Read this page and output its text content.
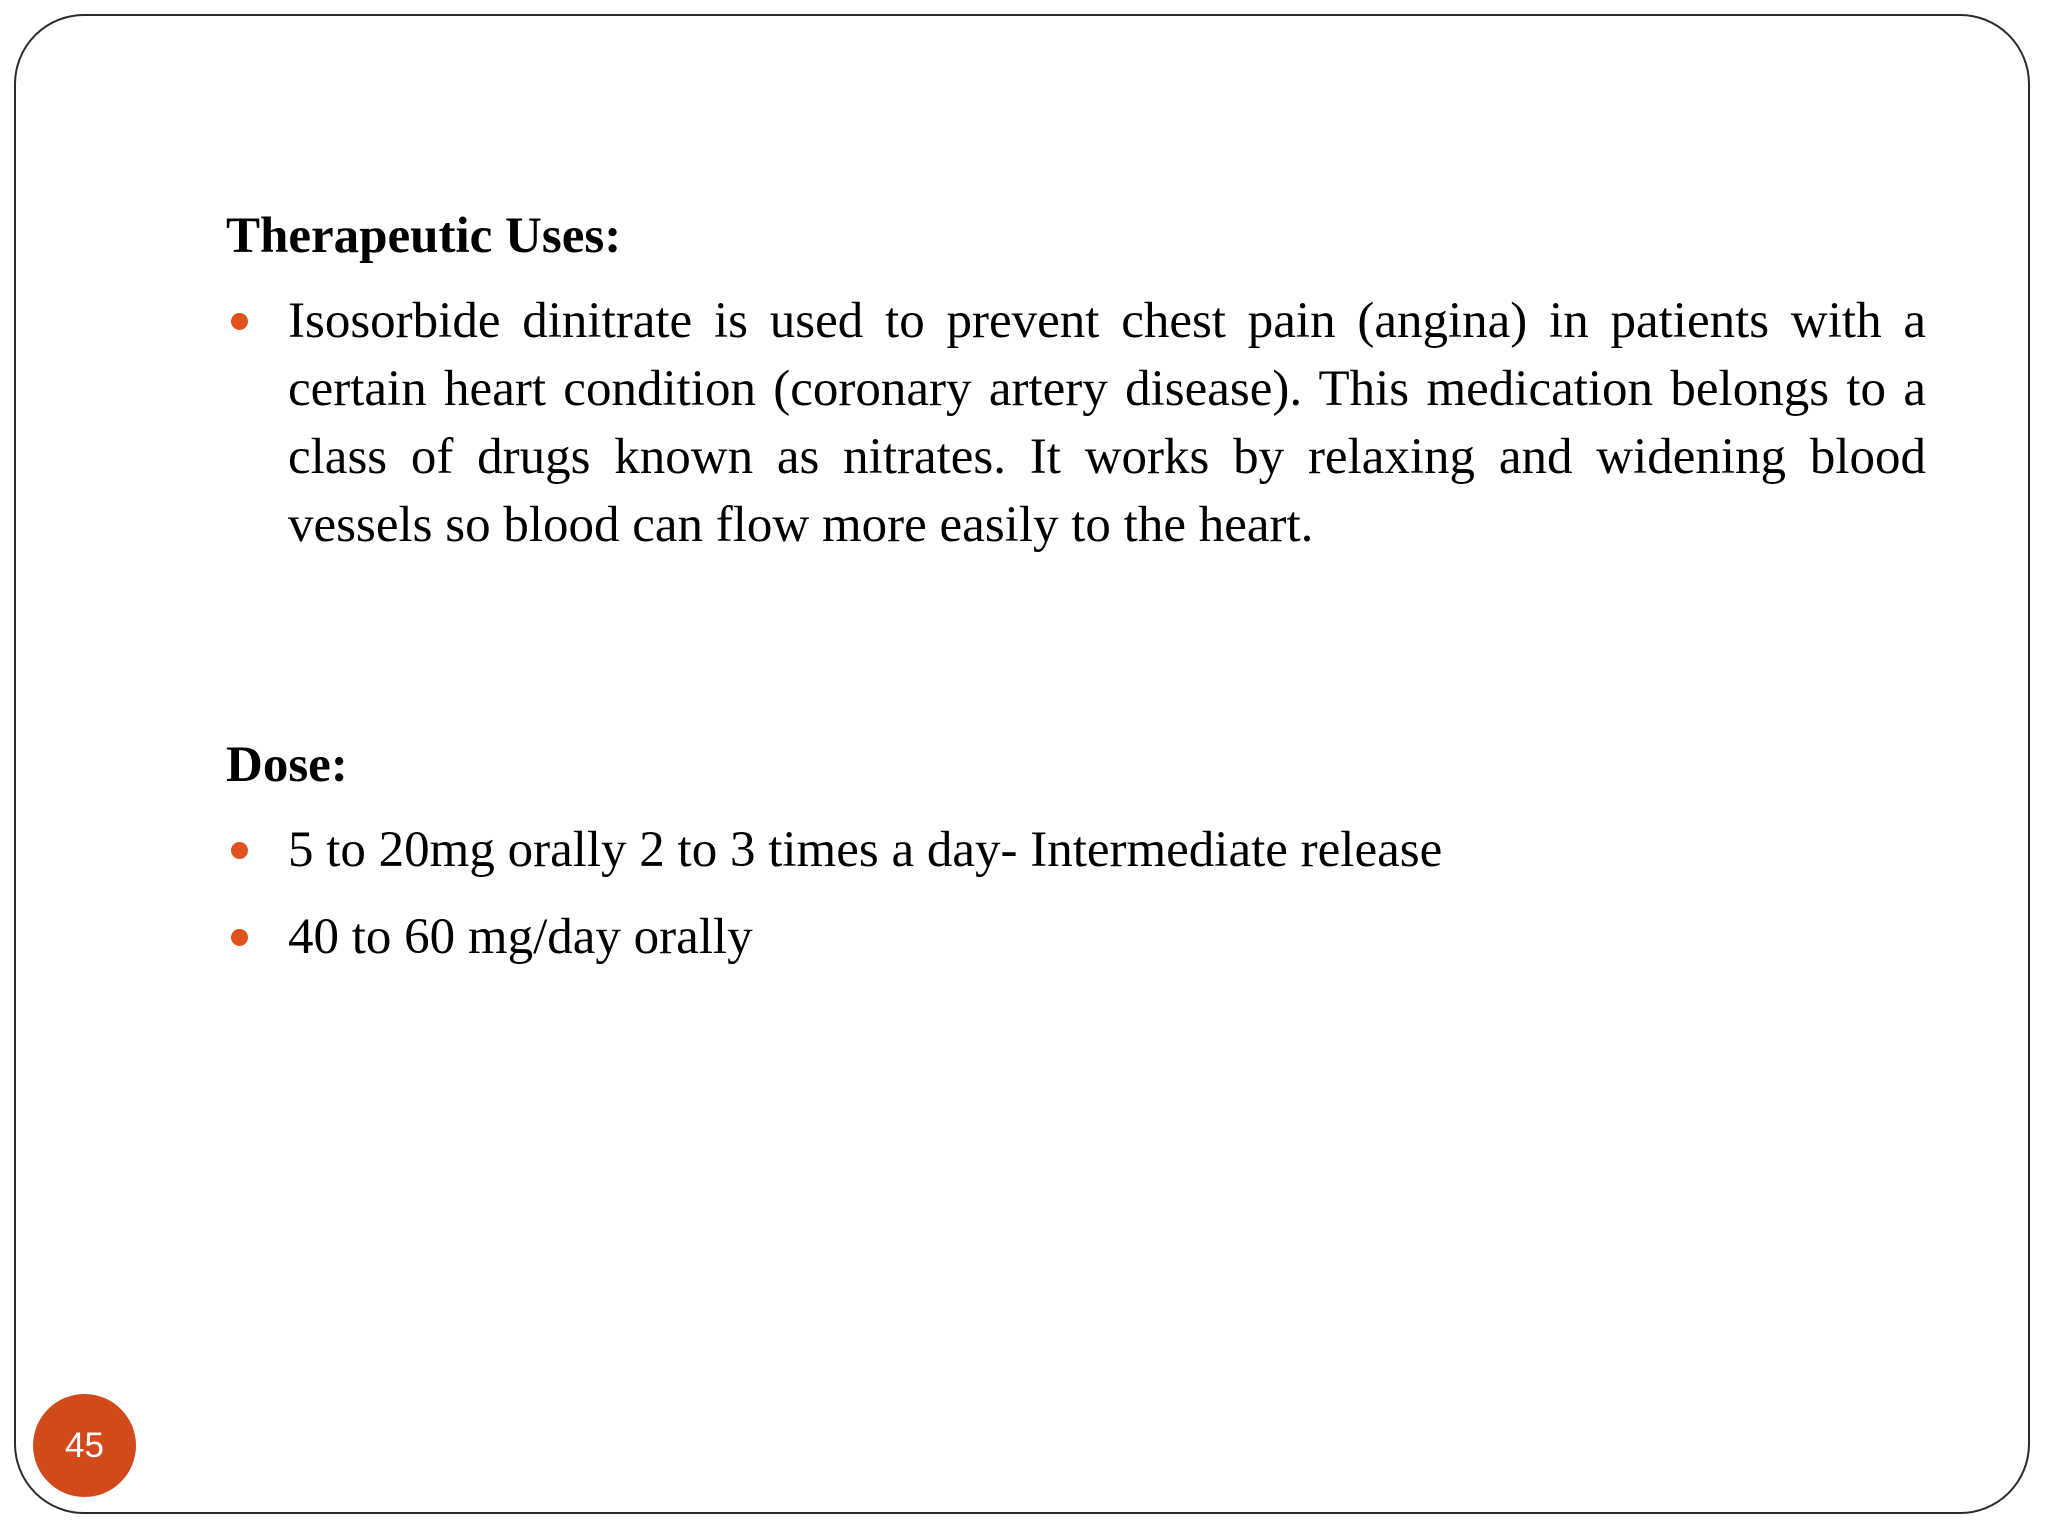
Therapeutic Uses:
Isosorbide dinitrate is used to prevent chest pain (angina) in patients with a certain heart condition (coronary artery disease). This medication belongs to a class of drugs known as nitrates. It works by relaxing and widening blood vessels so blood can flow more easily to the heart.
Dose:
5 to 20mg orally 2 to 3 times a day- Intermediate release
40 to 60 mg/day orally
45
